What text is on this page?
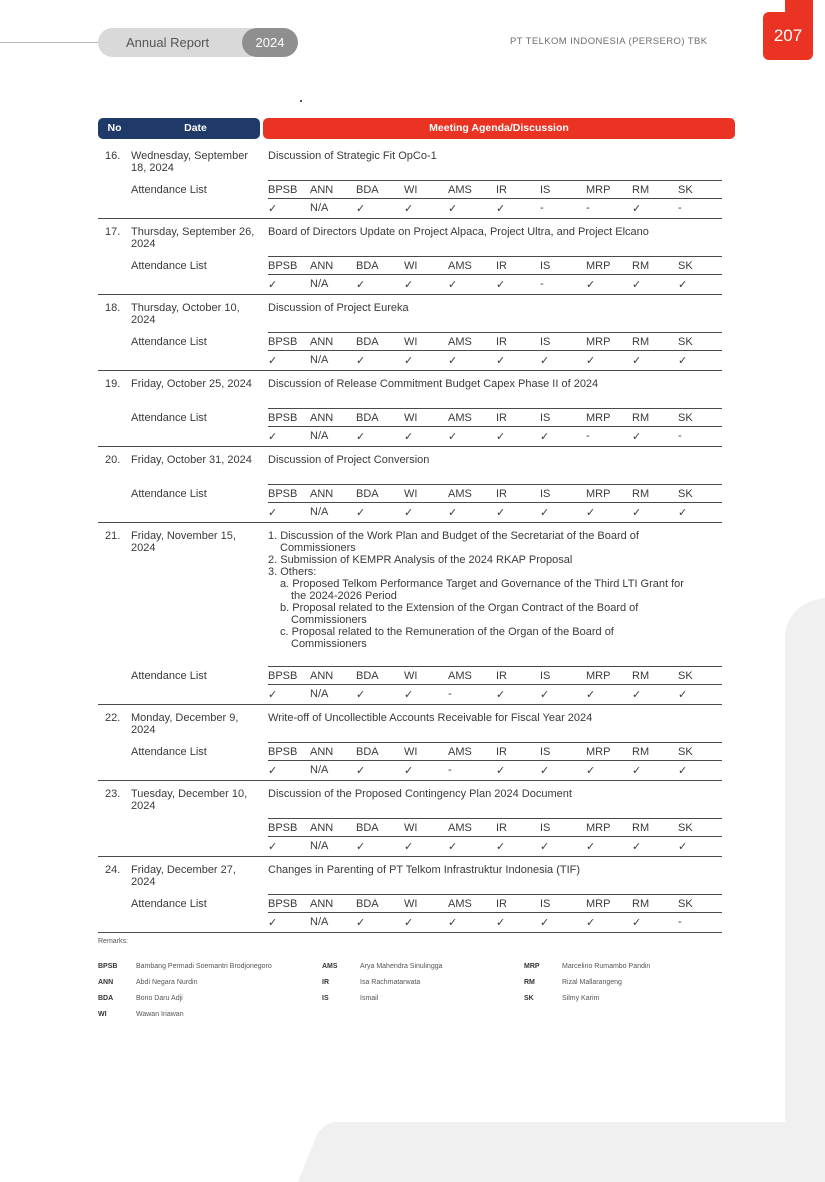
Annual Report	2024	PT TELKOM INDONESIA (PERSERO) TBK	207
No	Date	Meeting Agenda/Discussion
16. Wednesday, September 18, 2024
Discussion of Strategic Fit OpCo-1
Attendance List	BPSB ANN BDA WI	AMS IR	IS	MRP RM	SK
✓	N/A	✓	✓	✓	✓	-	-	✓	-
17. Thursday, September 26, 2024
Board of Directors Update on Project Alpaca, Project Ultra, and Project Elcano
Attendance List	BPSB ANN BDA WI	AMS IR	IS	MRP RM	SK
✓	N/A	✓	✓	✓	✓	-	✓	✓	✓
18. Thursday, October 10, 2024
Discussion of Project Eureka
Attendance List	BPSB ANN BDA WI	AMS IR	IS	MRP RM	SK
✓	N/A	✓	✓	✓	✓	✓	✓	✓	✓
19. Friday, October 25, 2024	Discussion of Release Commitment Budget Capex Phase II of 2024
Attendance List	BPSB ANN BDA WI	AMS IR	IS	MRP RM	SK
✓	N/A	✓	✓	✓	✓	✓	-	✓	-
20. Friday, October 31, 2024	Discussion of Project Conversion
Attendance List	BPSB ANN BDA WI	AMS IR	IS	MRP RM	SK
✓	N/A	✓	✓	✓	✓	✓	✓	✓	✓
21. Friday, November 15, 2024
1. Discussion of the Work Plan and Budget of the Secretariat of the Board of
Commissioners
2. Submission of KEMPR Analysis of the 2024 RKAP Proposal
3. Others:
a. Proposed Telkom Performance Target and Governance of the Third LTI Grant for
the 2024-2026 Period
b. Proposal related to the Extension of the Organ Contract of the Board of
Commissioners
c. Proposal related to the Remuneration of the Organ of the Board of
Commissioners
Attendance List	BPSB ANN BDA WI	AMS IR	IS	MRP RM	SK
✓	N/A	✓	✓	-	✓	✓	✓	✓	✓
22. Monday, December 9, 2024
Write-off of Uncollectible Accounts Receivable for Fiscal Year 2024
Attendance List	BPSB ANN BDA WI	AMS IR	IS	MRP RM	SK
✓	N/A	✓	✓	-	✓	✓	✓	✓	✓
23. Tuesday, December 10, 2024
Discussion of the Proposed Contingency Plan 2024 Document
BPSB ANN BDA WI	AMS IR	IS	MRP RM	SK
✓	N/A	✓	✓	✓	✓	✓	✓	✓	✓
24. Friday, December 27, 2024
Changes in Parenting of PT Telkom Infrastruktur Indonesia (TIF)
Attendance List	BPSB ANN BDA WI	AMS IR	IS	MRP RM	SK
✓	N/A	✓	✓	✓	✓	✓	✓	✓	-
Remarks:
BPSB	Bambang Permadi Soemantri Brodjonegoro
ANN	Abdi Negara Nurdin
BDA	Bono Daru Adji
WI	Wawan Iriawan
AMS	Arya Mahendra Sinulingga
IR	Isa Rachmatarwata
IS	Ismail
MRP	Marcelino Rumambo Pandin
RM	Rizal Mallarangeng
SK	Silmy Karim
